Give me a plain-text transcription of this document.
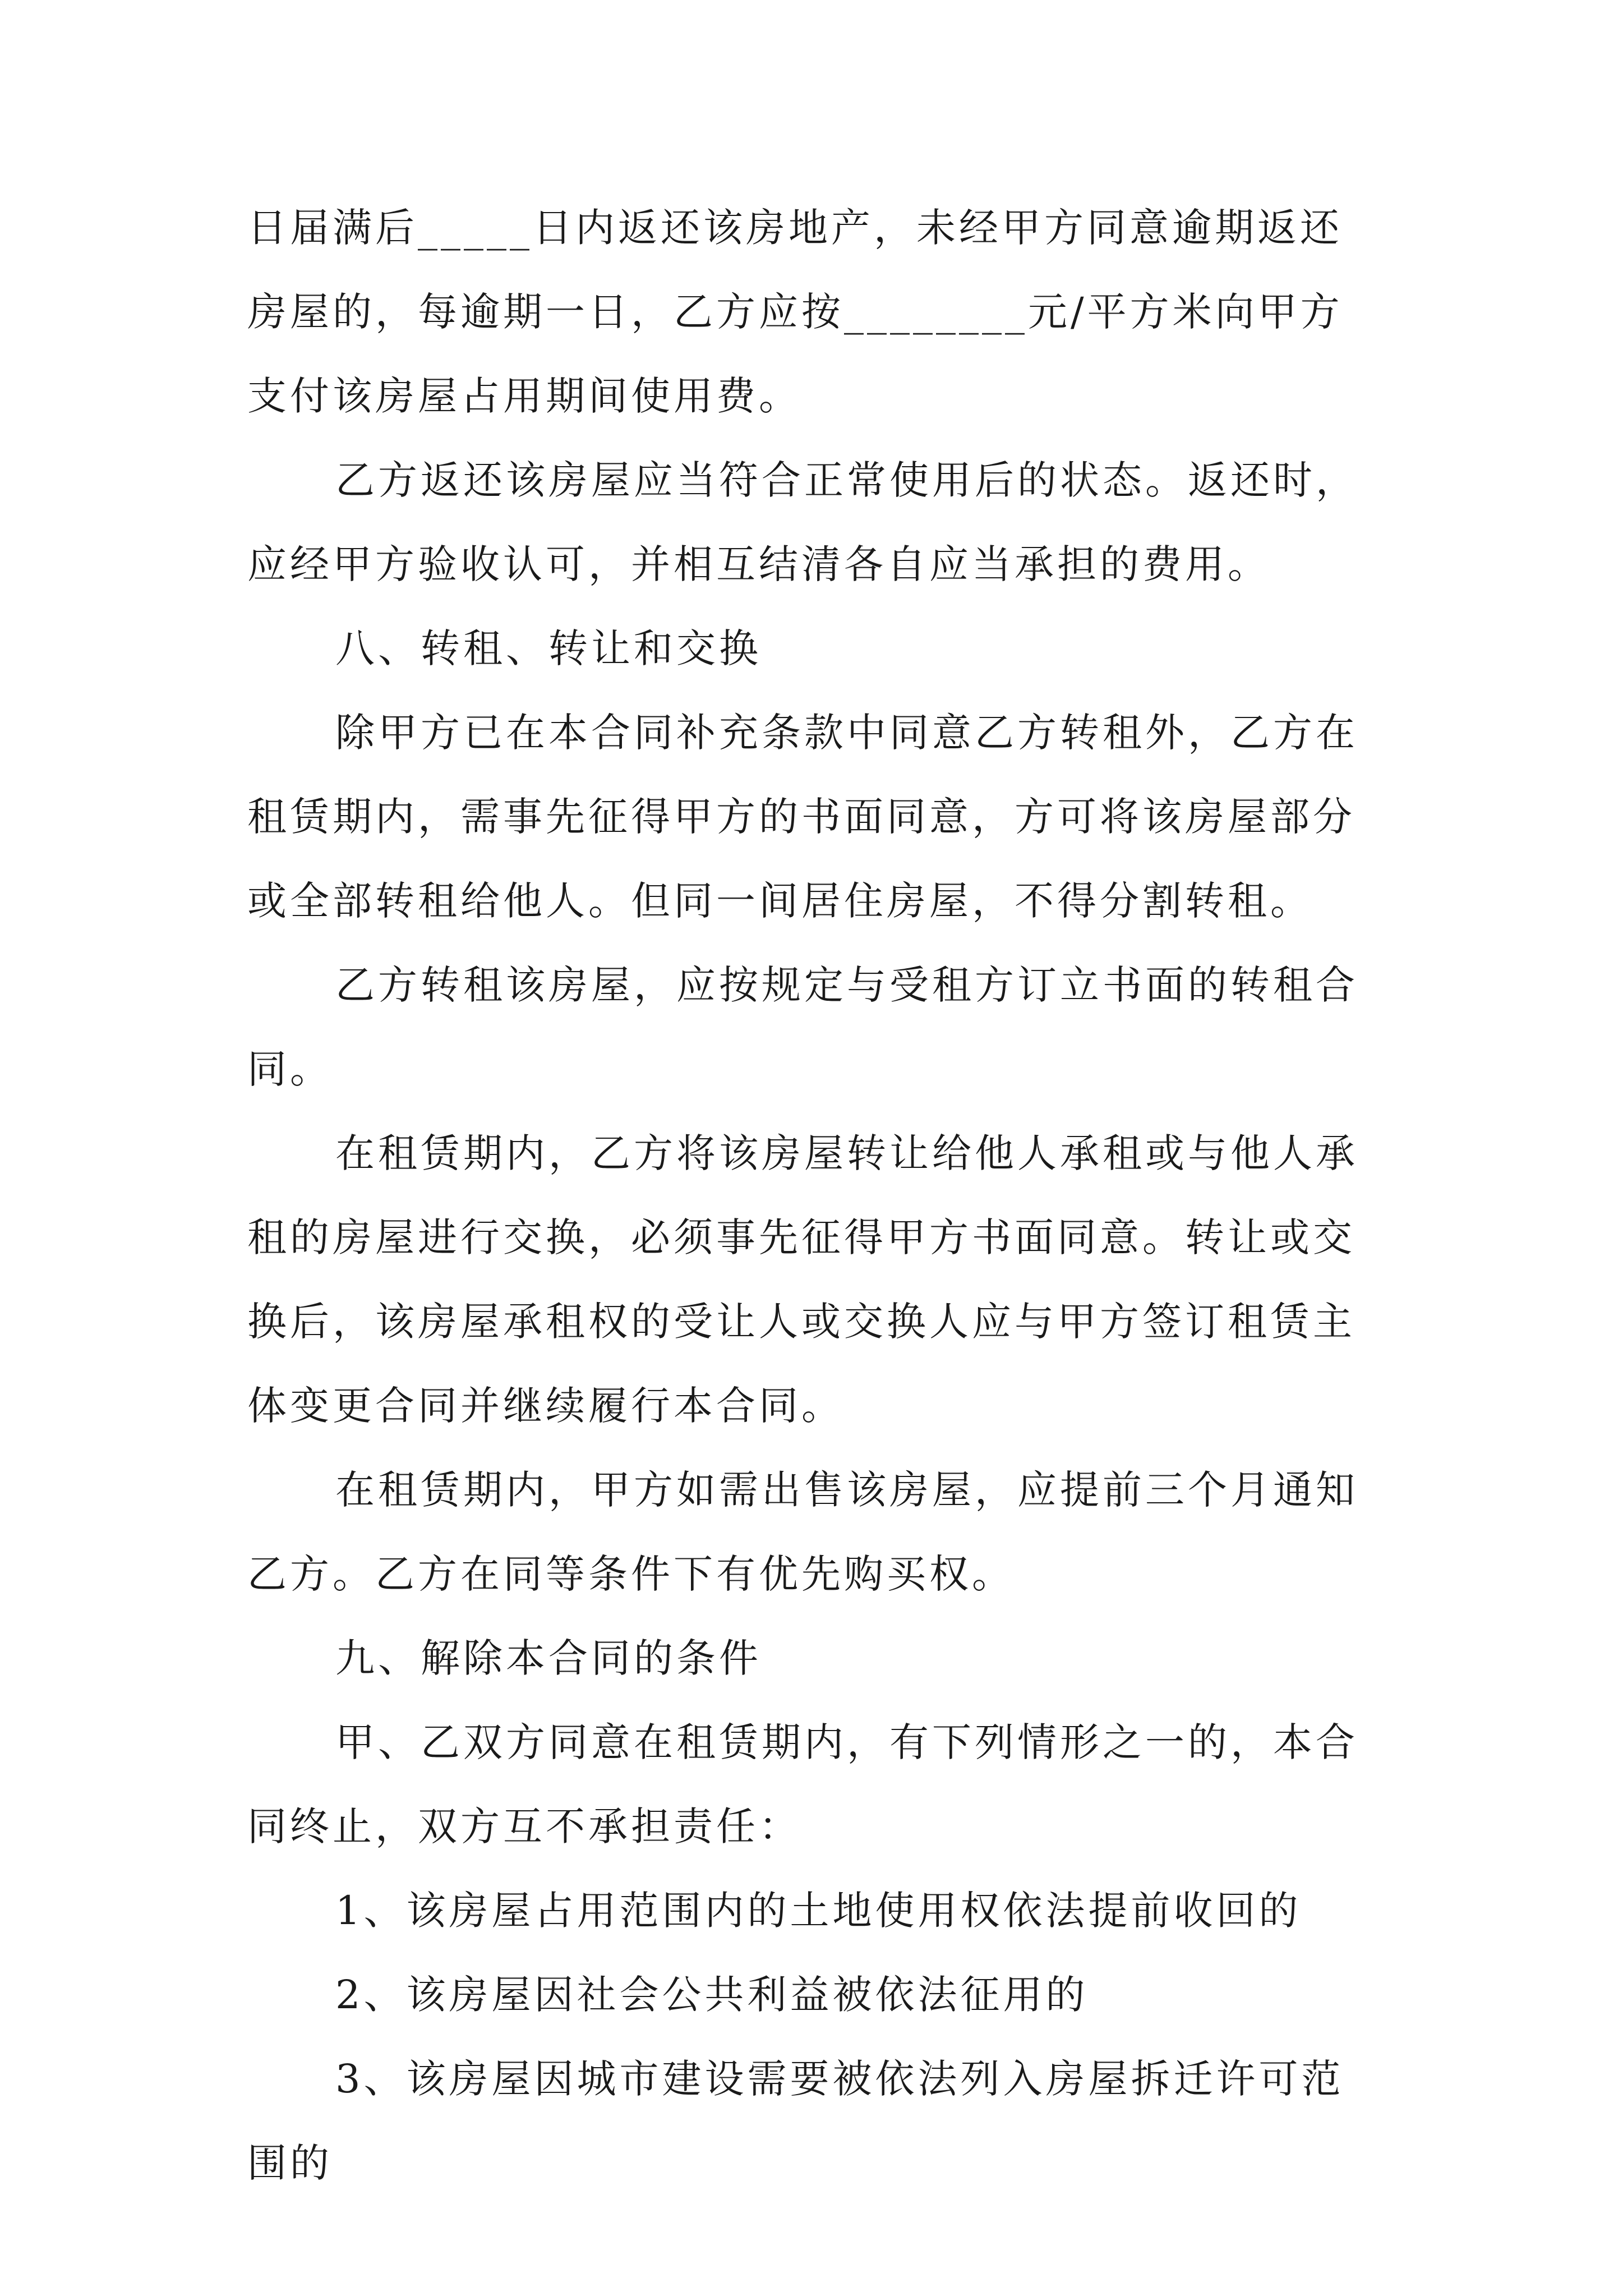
日届满后_____日内返还该房地产，未经甲方同意逾期返还
房屋的，每逾期一日，乙方应按________元/平方米向甲方
支付该房屋占用期间使用费。
乙方返还该房屋应当符合正常使用后的状态。返还时，
应经甲方验收认可，并相互结清各自应当承担的费用。
八、转租、转让和交换
除甲方已在本合同补充条款中同意乙方转租外，乙方在
租赁期内，需事先征得甲方的书面同意，方可将该房屋部分
或全部转租给他人。但同一间居住房屋，不得分割转租。
乙方转租该房屋，应按规定与受租方订立书面的转租合
同。
在租赁期内，乙方将该房屋转让给他人承租或与他人承
租的房屋进行交换，必须事先征得甲方书面同意。转让或交
换后，该房屋承租权的受让人或交换人应与甲方签订租赁主
体变更合同并继续履行本合同。
在租赁期内，甲方如需出售该房屋，应提前三个月通知
乙方。乙方在同等条件下有优先购买权。
九、解除本合同的条件
甲、乙双方同意在租赁期内，有下列情形之一的，本合
同终止，双方互不承担责任：
1、该房屋占用范围内的土地使用权依法提前收回的
2、该房屋因社会公共利益被依法征用的
3、该房屋因城市建设需要被依法列入房屋拆迁许可范
围的
